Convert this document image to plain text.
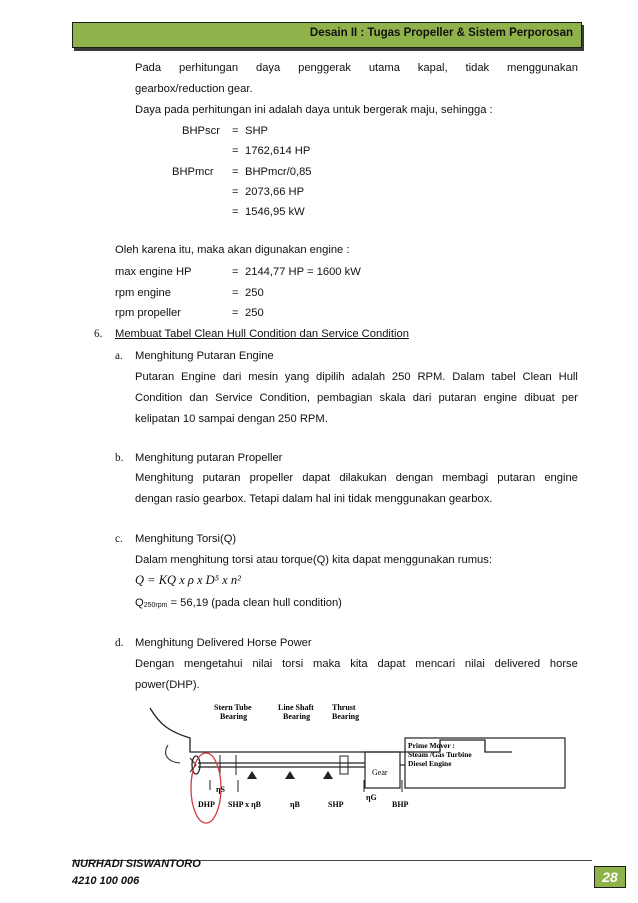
Desain II : Tugas Propeller & Sistem Perporosan
Pada perhitungan daya penggerak utama kapal, tidak menggunakan
gearbox/reduction gear.
Daya pada perhitungan ini adalah daya untuk bergerak maju, sehingga :
BHPscr = SHP
= 1762,614 HP
BHPmcr = BHPmcr/0,85
= 2073,66 HP
= 1546,95 kW
Oleh karena itu, maka akan digunakan engine :
max engine HP	= 2144,77 HP = 1600 kW
rpm engine	= 250
rpm propeller	= 250
6. Membuat Tabel Clean Hull Condition dan Service Condition
a. Menghitung Putaran Engine
Putaran Engine dari mesin yang dipilih adalah 250 RPM. Dalam tabel Clean Hull
Condition dan Service Condition, pembagian skala dari putaran engine dibuat per
kelipatan 10 sampai dengan 250 RPM.
b. Menghitung putaran Propeller
Menghitung putaran propeller dapat dilakukan dengan membagi putaran engine
dengan rasio gearbox. Tetapi dalam hal ini tidak menggunakan gearbox.
c. Menghitung Torsi(Q)
Dalam menghitung torsi atau torque(Q) kita dapat menggunakan rumus:
Q = KQ x ρ x D⁵ x n²
$Q_{250rpm} = 56,19$ (pada clean hull condition)
d. Menghitung Delivered Horse Power
Dengan mengetahui nilai torsi maka kita dapat mencari nilai delivered horse
power(DHP).
Stern Tube
Bearing
Line Shaft
Bearing
Thrust
Bearing
Prime Mover :
Steam /Gas Turbine
Diesel Engine
Gear
DHP
ηS
SHP x ηB	ηB	SHP
ηG
BHP
NURHADI SISWANTORO
4210 100 006	28
